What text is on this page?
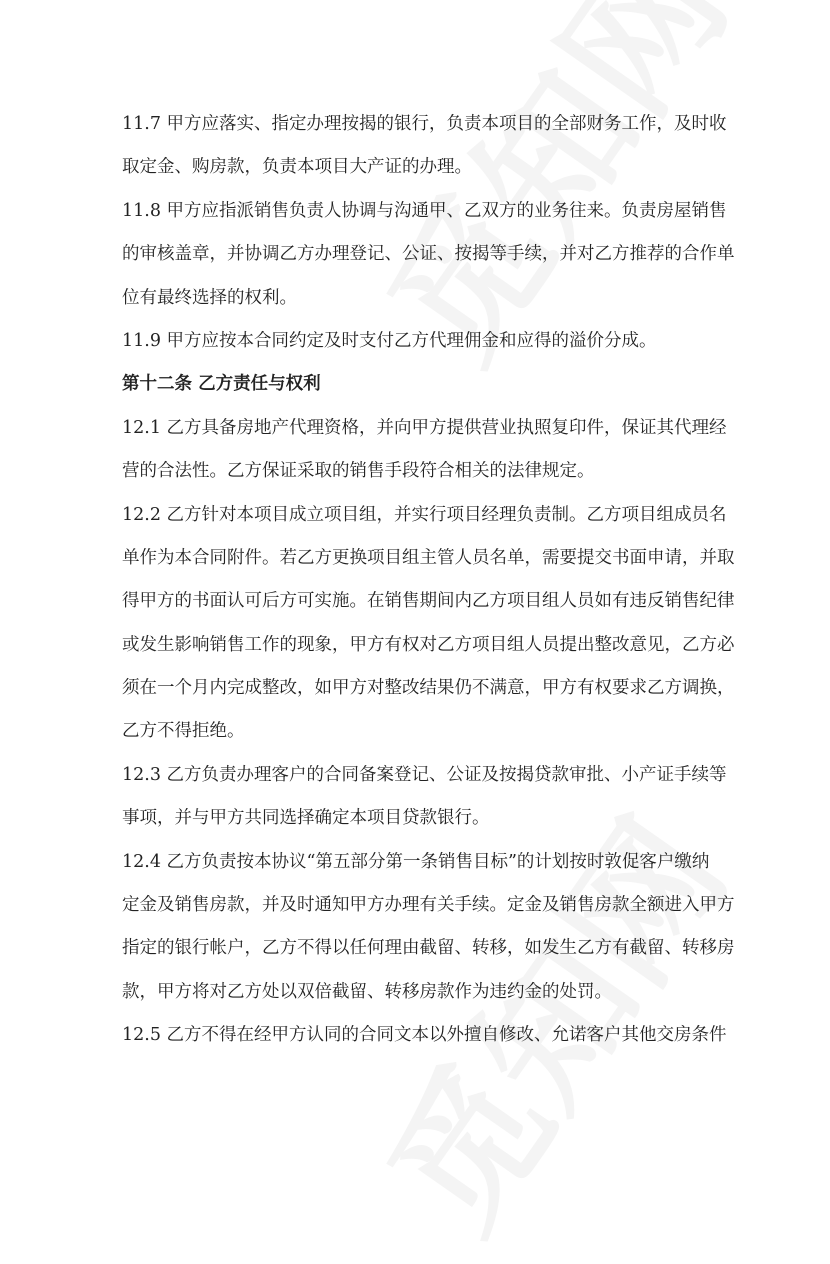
11.7 甲方应落实、指定办理按揭的银行，负责本项目的全部财务工作，及时收
取定金、购房款，负责本项目大产证的办理。
11.8 甲方应指派销售负责人协调与沟通甲、乙双方的业务往来。负责房屋销售
的审核盖章，并协调乙方办理登记、公证、按揭等手续，并对乙方推荐的合作单
位有最终选择的权利。
11.9 甲方应按本合同约定及时支付乙方代理佣金和应得的溢价分成。
第十二条 乙方责任与权利
12.1 乙方具备房地产代理资格，并向甲方提供营业执照复印件，保证其代理经
营的合法性。乙方保证采取的销售手段符合相关的法律规定。
12.2 乙方针对本项目成立项目组，并实行项目经理负责制。乙方项目组成员名
单作为本合同附件。若乙方更换项目组主管人员名单，需要提交书面申请，并取
得甲方的书面认可后方可实施。在销售期间内乙方项目组人员如有违反销售纪律
或发生影响销售工作的现象，甲方有权对乙方项目组人员提出整改意见，乙方必
须在一个月内完成整改，如甲方对整改结果仍不满意，甲方有权要求乙方调换，
乙方不得拒绝。
12.3 乙方负责办理客户的合同备案登记、公证及按揭贷款审批、小产证手续等
事项，并与甲方共同选择确定本项目贷款银行。
12.4 乙方负责按本协议“第五部分第一条销售目标”的计划按时敦促客户缴纳
定金及销售房款，并及时通知甲方办理有关手续。定金及销售房款全额进入甲方
指定的银行帐户，乙方不得以任何理由截留、转移，如发生乙方有截留、转移房
款，甲方将对乙方处以双倍截留、转移房款作为违约金的处罚。
12.5 乙方不得在经甲方认同的合同文本以外擅自修改、允诺客户其他交房条件
